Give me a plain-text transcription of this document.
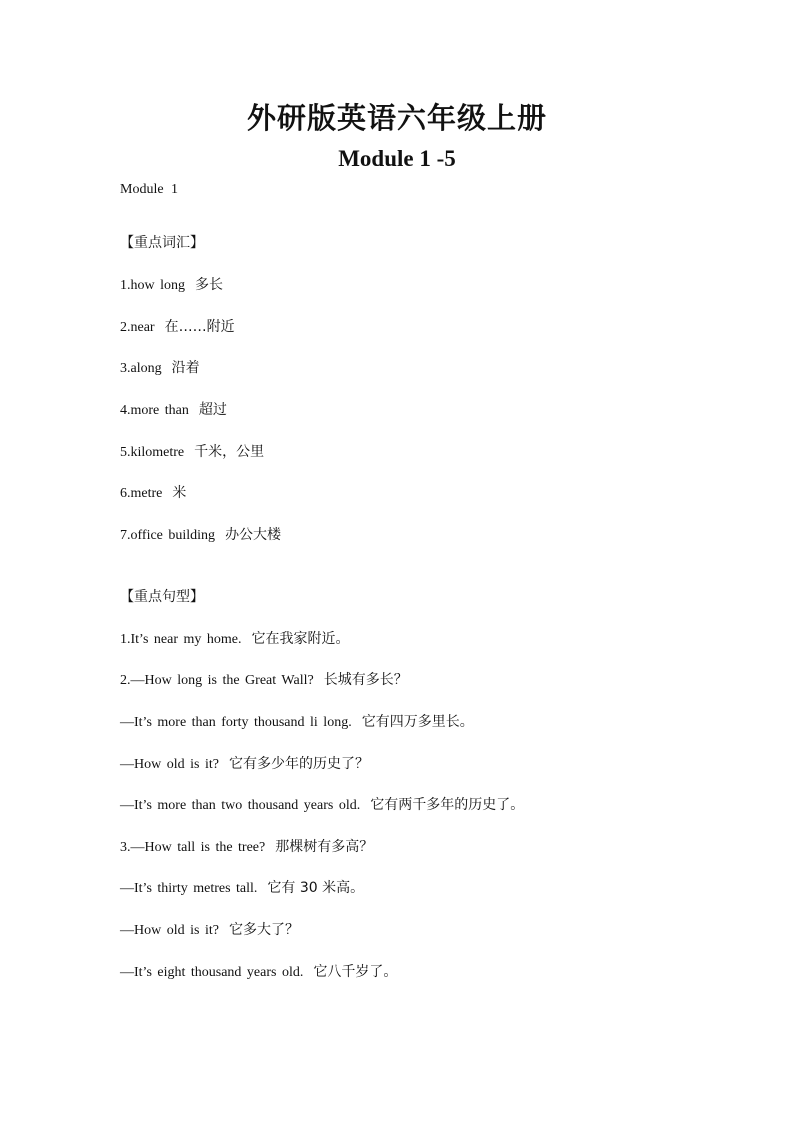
外研版英语六年级上册
Module 1 -5
Module 1
【重点词汇】
1.how long 多长
2.near 在……附近
3.along 沿着
4.more than 超过
5.kilometre 千米，公里
6.metre 米
7.office building 办公大楼
【重点句型】
1.It’s near my home. 它在我家附近。
2.—How long is the Great Wall? 长城有多长？
—It’s more than forty thousand li long. 它有四万多里长。
—How old is it? 它有多少年的历史了？
—It’s more than two thousand years old. 它有两千多年的历史了。
3.—How tall is the tree? 那棵树有多高？
—It’s thirty metres tall. 它有 30 米高。
—How old is it? 它多大了？
—It’s eight thousand years old. 它八千岁了。
